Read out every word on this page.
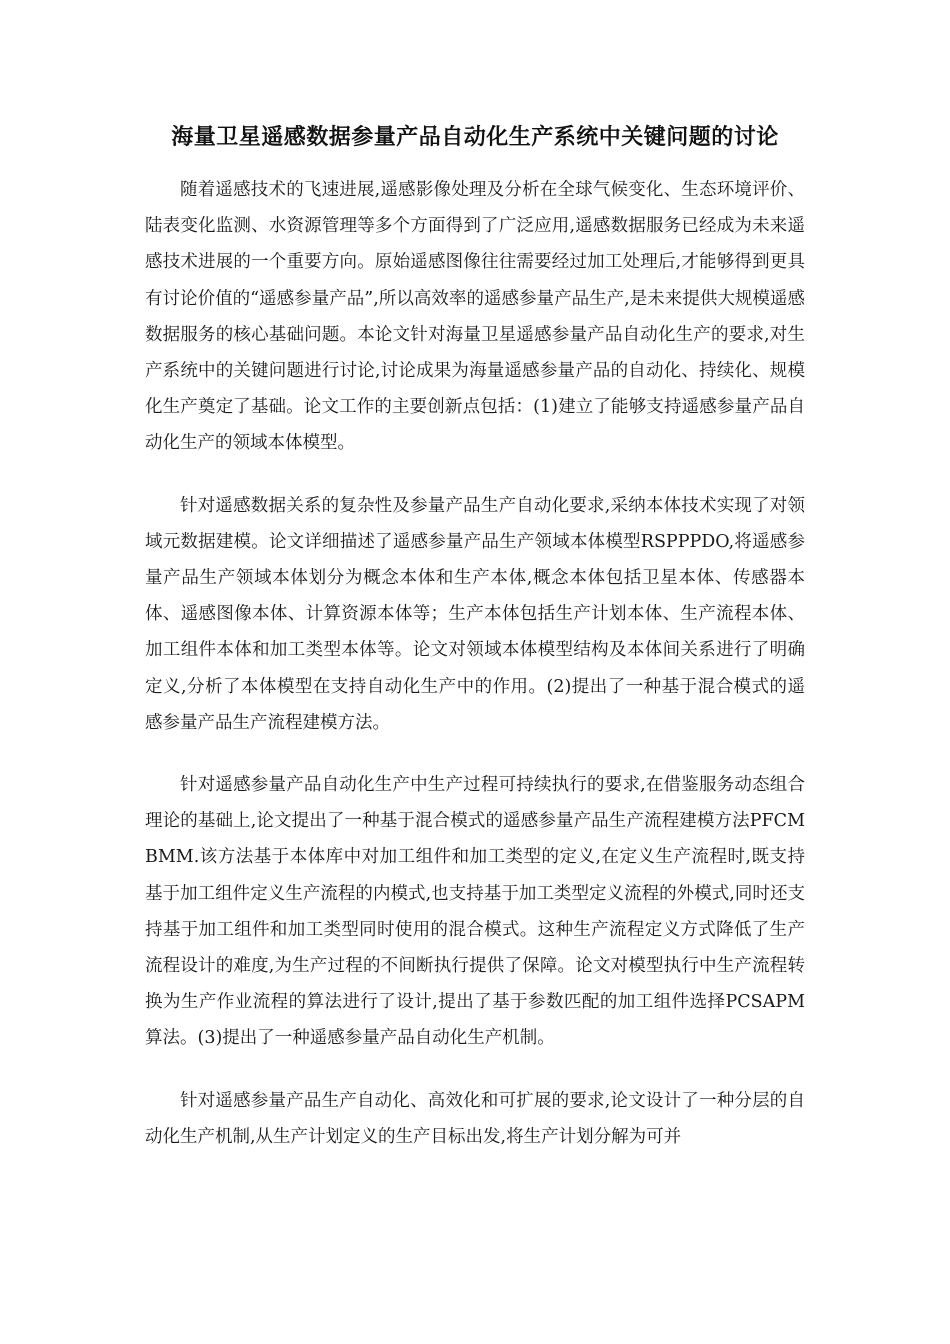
海量卫星遥感数据参量产品自动化生产系统中关键问题的讨论

随着遥感技术的飞速进展,遥感影像处理及分析在全球气候变化、生态环境评价、陆表变化监测、水资源管理等多个方面得到了广泛应用,遥感数据服务已经成为未来遥感技术进展的一个重要方向。原始遥感图像往往需要经过加工处理后,才能够得到更具有讨论价值的“遥感参量产品”,所以高效率的遥感参量产品生产,是未来提供大规模遥感数据服务的核心基础问题。本论文针对海量卫星遥感参量产品自动化生产的要求,对生产系统中的关键问题进行讨论,讨论成果为海量遥感参量产品的自动化、持续化、规模化生产奠定了基础。论文工作的主要创新点包括：(1)建立了能够支持遥感参量产品自动化生产的领域本体模型。

针对遥感数据关系的复杂性及参量产品生产自动化要求,采纳本体技术实现了对领域元数据建模。论文详细描述了遥感参量产品生产领域本体模型RSPPPDO,将遥感参量产品生产领域本体划分为概念本体和生产本体,概念本体包括卫星本体、传感器本体、遥感图像本体、计算资源本体等；生产本体包括生产计划本体、生产流程本体、加工组件本体和加工类型本体等。论文对领域本体模型结构及本体间关系进行了明确定义,分析了本体模型在支持自动化生产中的作用。(2)提出了一种基于混合模式的遥感参量产品生产流程建模方法。

针对遥感参量产品自动化生产中生产过程可持续执行的要求,在借鉴服务动态组合理论的基础上,论文提出了一种基于混合模式的遥感参量产品生产流程建模方法PFCMBMM.该方法基于本体库中对加工组件和加工类型的定义,在定义生产流程时,既支持基于加工组件定义生产流程的内模式,也支持基于加工类型定义流程的外模式,同时还支持基于加工组件和加工类型同时使用的混合模式。这种生产流程定义方式降低了生产流程设计的难度,为生产过程的不间断执行提供了保障。论文对模型执行中生产流程转换为生产作业流程的算法进行了设计,提出了基于参数匹配的加工组件选择PCSAPM算法。(3)提出了一种遥感参量产品自动化生产机制。

针对遥感参量产品生产自动化、高效化和可扩展的要求,论文设计了一种分层的自动化生产机制,从生产计划定义的生产目标出发,将生产计划分解为可并
